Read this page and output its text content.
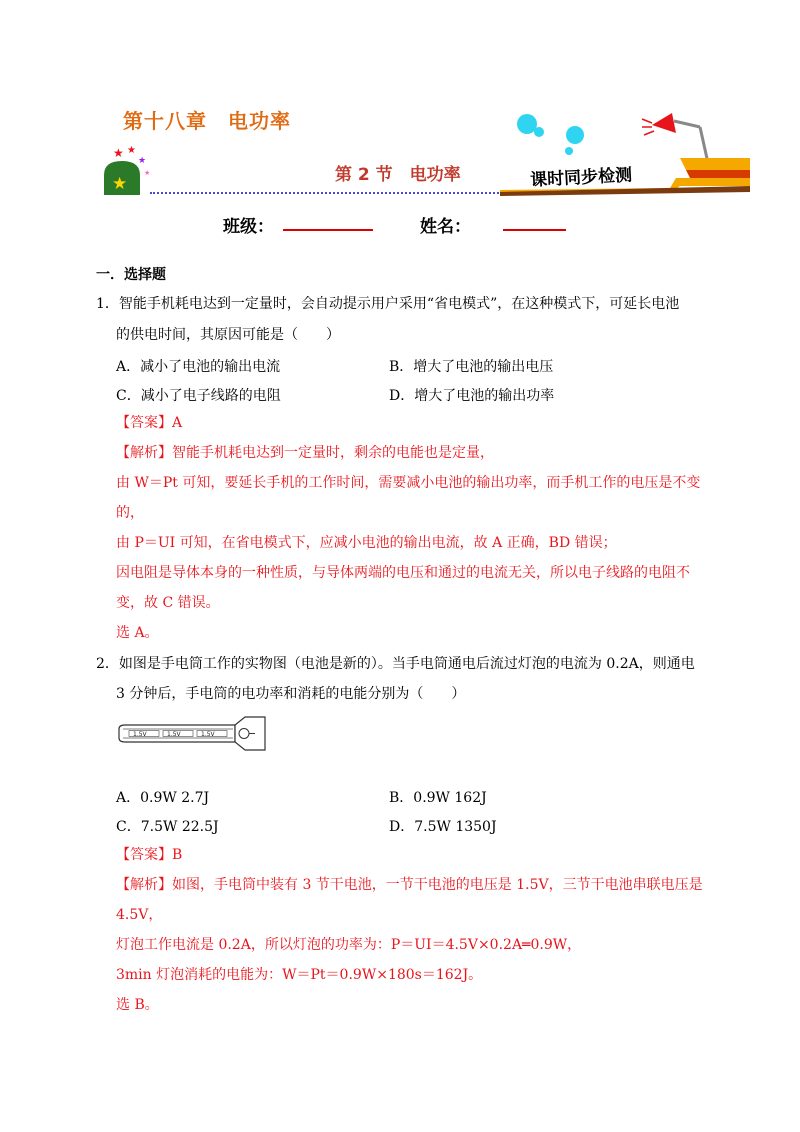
第十八章　电功率
★ ★
★
★
★	第 2 节　电功率	课时同步检测
班级：	姓名：
一．选择题
1．智能手机耗电达到一定量时，会自动提示用户采用“省电模式”，在这种模式下，可延长电池
的供电时间，其原因可能是（　　）
A．减小了电池的输出电流	B．增大了电池的输出电压
C．减小了电子线路的电阻	D．增大了电池的输出功率
【答案】A
【解析】智能手机耗电达到一定量时，剩余的电能也是定量，
由 W＝Pt 可知，要延长手机的工作时间，需要减小电池的输出功率，而手机工作的电压是不变
的，
由 P＝UI 可知，在省电模式下，应减小电池的输出电流，故 A 正确，BD 错误；
因电阻是导体本身的一种性质，与导体两端的电压和通过的电流无关，所以电子线路的电阻不
变，故 C 错误。
选 A。
2．如图是手电筒工作的实物图（电池是新的）。当手电筒通电后流过灯泡的电流为 0.2A，则通电
3 分钟后，手电筒的电功率和消耗的电能分别为（　　）
1.5V	1.5V	1.5V
A．0.9W 2.7J	B．0.9W 162J
C．7.5W 22.5J	D．7.5W 1350J
【答案】B
【解析】如图，手电筒中装有 3 节干电池，一节干电池的电压是 1.5V，三节干电池串联电压是
4.5V，
灯泡工作电流是 0.2A，所以灯泡的功率为：P＝UI＝4.5V×0.2A═0.9W，
3min 灯泡消耗的电能为：W＝Pt＝0.9W×180s＝162J。
选 B。
